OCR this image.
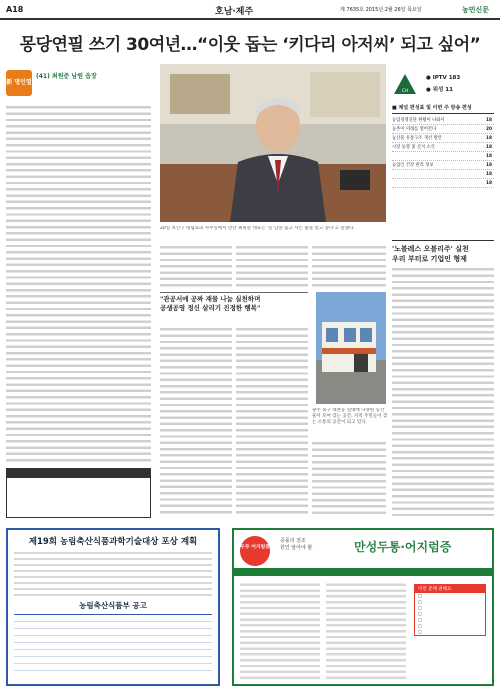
A18	호남·제주	제 7635호 2015년 2월 26일 목요일	농민신문
몽당연필 쓰기 30여년…“이웃 돕는 ‘키다리 아저씨’ 되고 싶어”
新 명인열
(41) 최원준 남원 읍장
20일 보산구 대림로의 사무실에서 만난 최원준 대표는 '늘 남을 돕고 사는 삶을 살고 싶다'고 말했다.
"관공서에 공짜 재물 나눔 실천하며
공생공영 정신 살리기 진정한 행복"
광주 북구 대촌동 일대에 다양한 농산물이 모여 있는 공간. 지역 주민들이 찾는 소통의 공간이 되고 있다.
CH
● IPTV 183
● 위성 11
■ 채널 편성표 및 이번 주 방송 편성
농업경영진단 현황이 나와서	18
농촌이 미래를 열어간다	20
농산물 유통구조 개선 방안	18
시장 동향 및 산지 소식	18
18
농업인 건강 관리 정보	18
18
18
'노블레스 오블리주' 실천
우리 부터로 기업인 형제
제19회 농림축산식품과학기술대상 포상 계획
농림축산식품부 공고
두루 어지럼증
증풍의 전조
원인 알아야 할	만성두통·어지럼증
이런 분께 권해요
□
□
□
□
□
□
□
